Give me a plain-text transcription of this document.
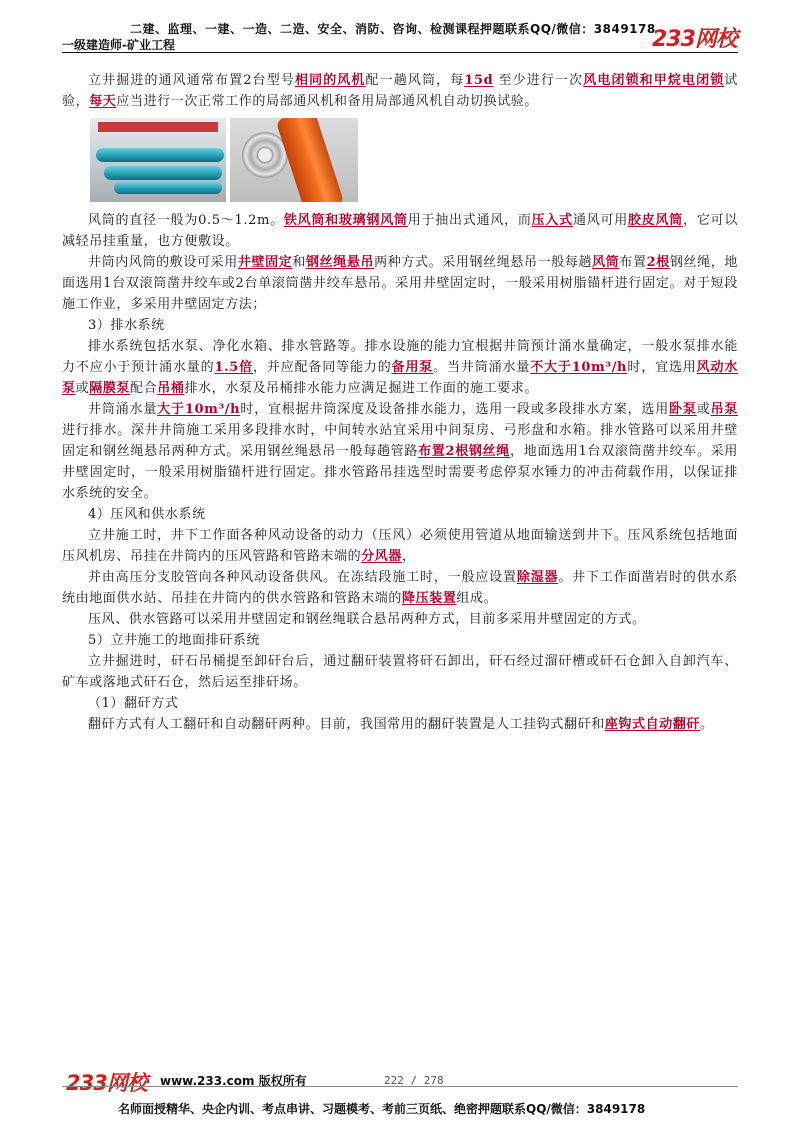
二建、监理、一建、一造、二造、安全、消防、咨询、检测课程押题联系QQ/微信：3849178
一级建造师-矿业工程	233网校

立井掘进的通风通常布置2台型号相同的风机配一趟风筒，每15d 至少进行一次风电闭锁和甲烷电闭锁试验，每天应当进行一次正常工作的局部通风机和备用局部通风机自动切换试验。

风筒的直径一般为0.5～1.2m。铁风筒和玻璃钢风筒用于抽出式通风，而压入式通风可用胶皮风筒，它可以减轻吊挂重量，也方便敷设。

井筒内风筒的敷设可采用井壁固定和钢丝绳悬吊两种方式。采用钢丝绳悬吊一般每趟风筒布置2根钢丝绳，地面选用1台双滚筒凿井绞车或2台单滚筒凿井绞车悬吊。采用井壁固定时，一般采用树脂锚杆进行固定。对于短段施工作业，多采用井壁固定方法；

3）排水系统

排水系统包括水泵、净化水箱、排水管路等。排水设施的能力宜根据井筒预计涌水量确定，一般水泵排水能力不应小于预计涌水量的1.5倍，并应配备同等能力的备用泵。当井筒涌水量不大于10m³/h时，宜选用风动水泵或隔膜泵配合吊桶排水，水泵及吊桶排水能力应满足掘进工作面的施工要求。

井筒涌水量大于10m³/h时，宜根据井筒深度及设备排水能力，选用一段或多段排水方案，选用卧泵或吊泵进行排水。深井井筒施工采用多段排水时，中间转水站宜采用中间泵房、弓形盘和水箱。排水管路可以采用井壁固定和钢丝绳悬吊两种方式。采用钢丝绳悬吊一般每趟管路布置2根钢丝绳，地面选用1台双滚筒凿井绞车。采用井壁固定时，一般采用树脂锚杆进行固定。排水管路吊挂选型时需要考虑停泵水锤力的冲击荷载作用，以保证排水系统的安全。

4）压风和供水系统

立井施工时，井下工作面各种风动设备的动力（压风）必须使用管道从地面输送到井下。压风系统包括地面压风机房、吊挂在井筒内的压风管路和管路末端的分风器，

并由高压分支胶管向各种风动设备供风。在冻结段施工时，一般应设置除湿器。井下工作面凿岩时的供水系统由地面供水站、吊挂在井筒内的供水管路和管路末端的降压装置组成。

压风、供水管路可以采用井壁固定和钢丝绳联合悬吊两种方式，目前多采用井壁固定的方式。

5）立井施工的地面排矸系统

立井掘进时，矸石吊桶提至卸矸台后，通过翻矸装置将矸石卸出，矸石经过溜矸槽或矸石仓卸入自卸汽车、矿车或落地式矸石仓，然后运至排矸场。

（1）翻矸方式

翻矸方式有人工翻矸和自动翻矸两种。目前，我国常用的翻矸装置是人工挂钩式翻矸和座钩式自动翻矸。

233网校 www.233.com 版权所有	222 / 278
名师面授精华、央企内训、考点串讲、习题模考、考前三页纸、绝密押题联系QQ/微信：3849178
